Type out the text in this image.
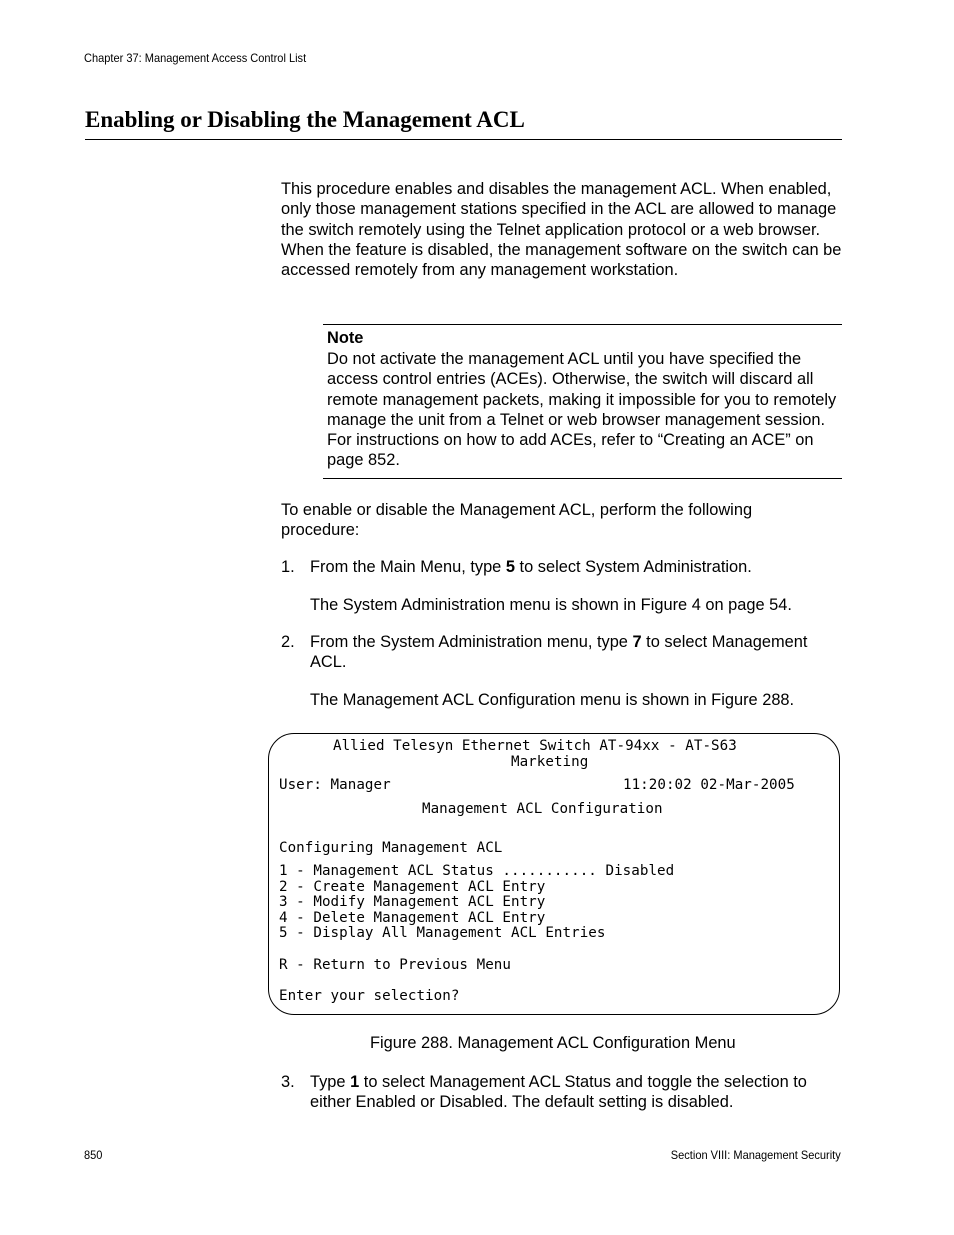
Chapter 37: Management Access Control List
Enabling or Disabling the Management ACL

This procedure enables and disables the management ACL. When enabled, only those management stations specified in the ACL are allowed to manage the switch remotely using the Telnet application protocol or a web browser. When the feature is disabled, the management software on the switch can be accessed remotely from any management workstation.

Note

Do not activate the management ACL until you have specified the access control entries (ACEs). Otherwise, the switch will discard all remote management packets, making it impossible for you to remotely manage the unit from a Telnet or web browser management session. For instructions on how to add ACEs, refer to “Creating an ACE” on page 852.

To enable or disable the Management ACL, perform the following procedure:

1. From the Main Menu, type 5 to select System Administration.
The System Administration menu is shown in Figure 4 on page 54.
2. From the System Administration menu, type 7 to select Management ACL.
The Management ACL Configuration menu is shown in Figure 288.
Allied Telesyn Ethernet Switch AT-94xx - AT-S63
Marketing
User: Manager	11:20:02 02-Mar-2005
Management ACL Configuration
Configuring Management ACL
1 - Management ACL Status ........... Disabled
2 - Create Management ACL Entry
3 - Modify Management ACL Entry
4 - Delete Management ACL Entry
5 - Display All Management ACL Entries
R - Return to Previous Menu
Enter your selection?
Figure 288. Management ACL Configuration Menu
3. Type 1 to select Management ACL Status and toggle the selection to either Enabled or Disabled. The default setting is disabled.
850	Section VIII: Management Security
